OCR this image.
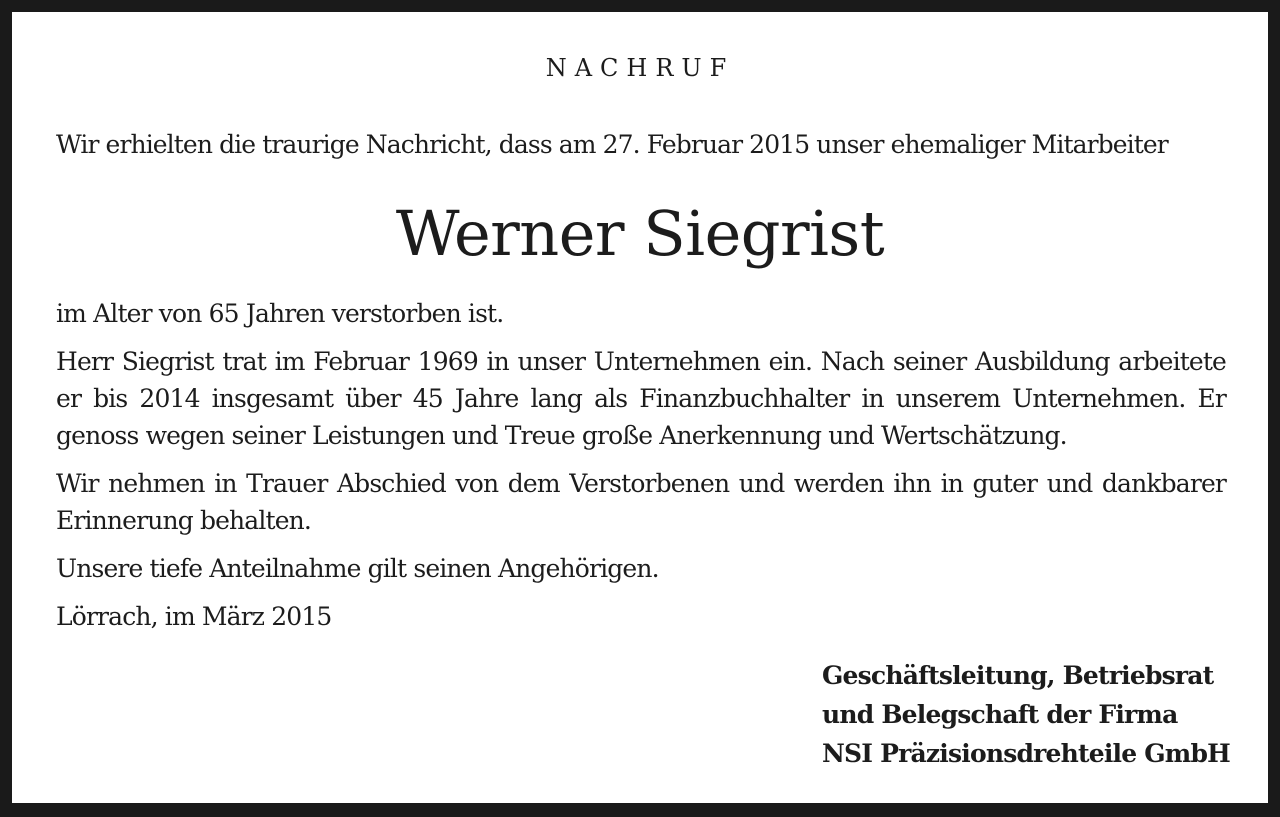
NACHRUF
Wir erhielten die traurige Nachricht, dass am 27. Februar 2015 unser ehemaliger Mitarbeiter
Werner Siegrist

im Alter von 65 Jahren verstorben ist.

Herr Siegrist trat im Februar 1969 in unser Unternehmen ein. Nach seiner Ausbildung arbeitete er bis 2014 insgesamt über 45 Jahre lang als Finanzbuchhalter in unserem Unternehmen. Er genoss wegen seiner Leistungen und Treue große Anerkennung und Wertschätzung.

Wir nehmen in Trauer Abschied von dem Verstorbenen und werden ihn in guter und dankbarer Erinnerung behalten.

Unsere tiefe Anteilnahme gilt seinen Angehörigen.

Lörrach, im März 2015

Geschäftsleitung, Betriebsrat
und Belegschaft der Firma
NSI Präzisionsdrehteile GmbH
